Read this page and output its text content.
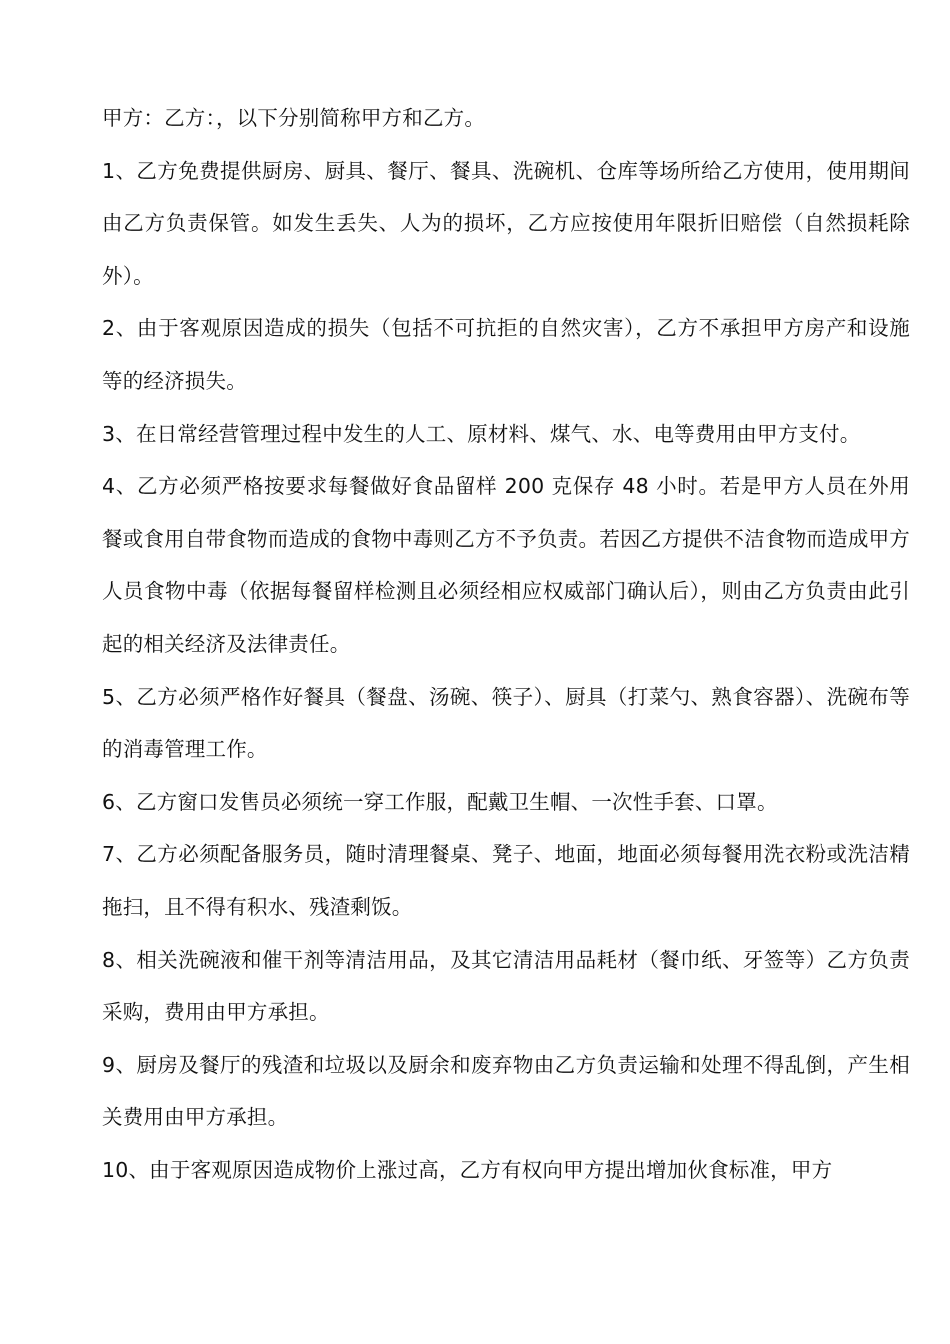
甲方：乙方：，以下分别简称甲方和乙方。

1、乙方免费提供厨房、厨具、餐厅、餐具、洗碗机、仓库等场所给乙方使用，使用期间由乙方负责保管。如发生丢失、人为的损坏，乙方应按使用年限折旧赔偿（自然损耗除外）。

2、由于客观原因造成的损失（包括不可抗拒的自然灾害），乙方不承担甲方房产和设施等的经济损失。

3、在日常经营管理过程中发生的人工、原材料、煤气、水、电等费用由甲方支付。

4、乙方必须严格按要求每餐做好食品留样 200 克保存 48 小时。若是甲方人员在外用餐或食用自带食物而造成的食物中毒则乙方不予负责。若因乙方提供不洁食物而造成甲方人员食物中毒（依据每餐留样检测且必须经相应权威部门确认后），则由乙方负责由此引起的相关经济及法律责任。

5、乙方必须严格作好餐具（餐盘、汤碗、筷子）、厨具（打菜勺、熟食容器）、洗碗布等的消毒管理工作。

6、乙方窗口发售员必须统一穿工作服，配戴卫生帽、一次性手套、口罩。

7、乙方必须配备服务员，随时清理餐桌、凳子、地面，地面必须每餐用洗衣粉或洗洁精拖扫，且不得有积水、残渣剩饭。

8、相关洗碗液和催干剂等清洁用品，及其它清洁用品耗材（餐巾纸、牙签等）乙方负责采购，费用由甲方承担。

9、厨房及餐厅的残渣和垃圾以及厨余和废弃物由乙方负责运输和处理不得乱倒，产生相关费用由甲方承担。

10、由于客观原因造成物价上涨过高，乙方有权向甲方提出增加伙食标准，甲方
